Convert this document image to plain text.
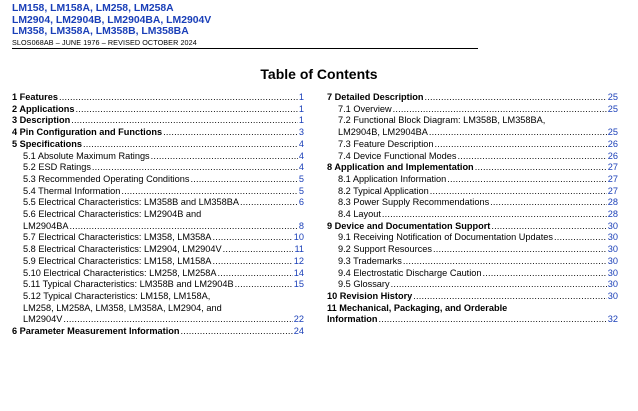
LM158, LM158A, LM258, LM258A
LM2904, LM2904B, LM2904BA, LM2904V
LM358, LM358A, LM358B, LM358BA
SLOS068AB – JUNE 1976 – REVISED OCTOBER 2024
Table of Contents
1 Features .....	1
2 Applications .....	1
3 Description .....	1
4 Pin Configuration and Functions .....	3
5 Specifications .....	4
5.1 Absolute Maximum Ratings .....	4
5.2 ESD Ratings .....	4
5.3 Recommended Operating Conditions .....	5
5.4 Thermal Information .....	5
5.5 Electrical Characteristics: LM358B and LM358BA .....	6
5.6 Electrical Characteristics: LM2904B and
LM2904BA .....	8
5.7 Electrical Characteristics: LM358, LM358A .....	10
5.8 Electrical Characteristics: LM2904, LM2904V .....	11
5.9 Electrical Characteristics: LM158, LM158A .....	12
5.10 Electrical Characteristics: LM258, LM258A .....	14
5.11 Typical Characteristics: LM358B and LM2904B .....	15
5.12 Typical Characteristics: LM158, LM158A,
LM258, LM258A, LM358, LM358A, LM2904, and
LM2904V .....	22
6 Parameter Measurement Information .....	24
7 Detailed Description .....	25
7.1 Overview .....	25
7.2 Functional Block Diagram: LM358B, LM358BA,
LM2904B, LM2904BA .....	25
7.3 Feature Description .....	26
7.4 Device Functional Modes .....	26
8 Application and Implementation .....	27
8.1 Application Information .....	27
8.2 Typical Application .....	27
8.3 Power Supply Recommendations .....	28
8.4 Layout .....	28
9 Device and Documentation Support .....	30
9.1 Receiving Notification of Documentation Updates .....	30
9.2 Support Resources .....	30
9.3 Trademarks .....	30
9.4 Electrostatic Discharge Caution .....	30
9.5 Glossary .....	30
10 Revision History .....	30
11 Mechanical, Packaging, and Orderable
Information .....	32
